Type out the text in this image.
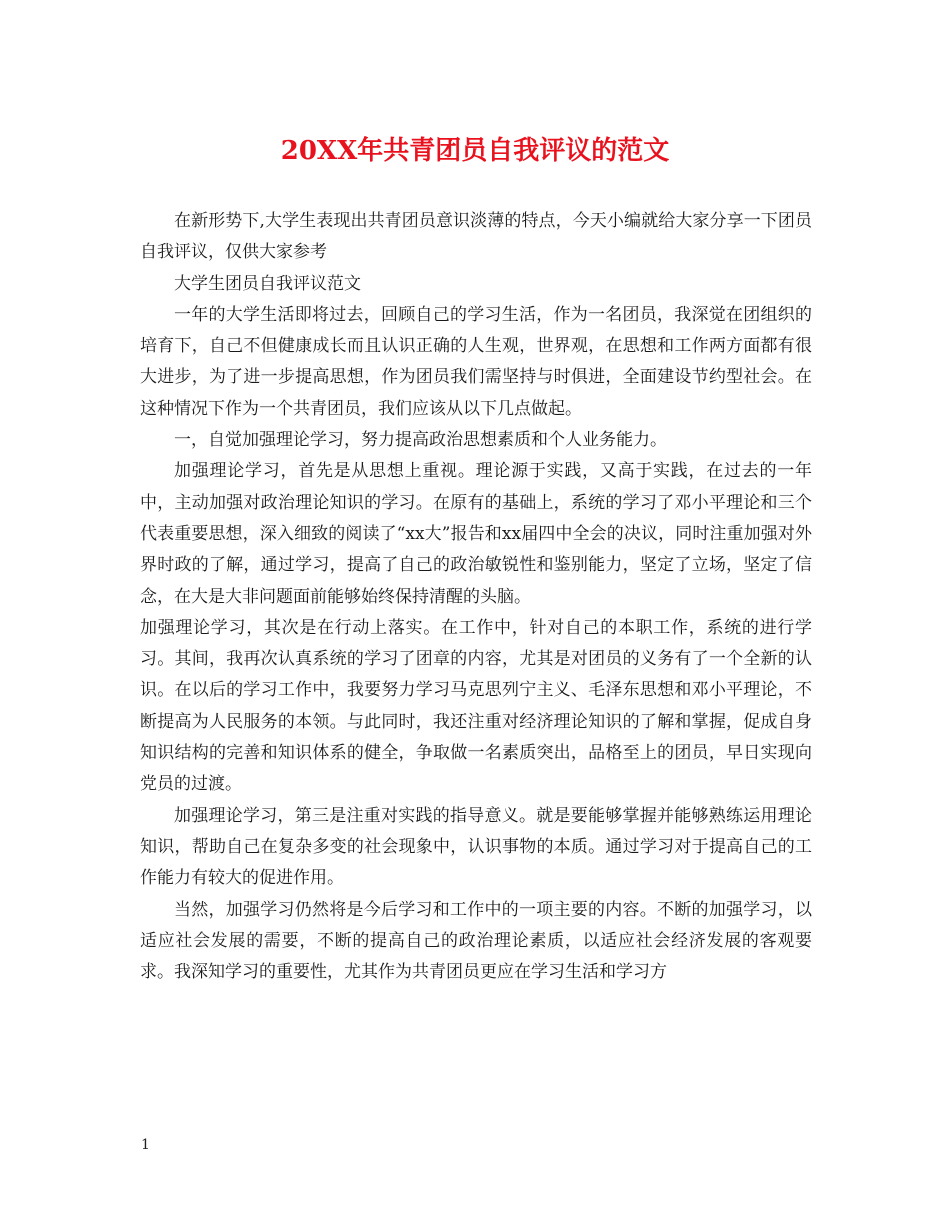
20XX年共青团员自我评议的范文

在新形势下,大学生表现出共青团员意识淡薄的特点，今天小编就给大家分享一下团员自我评议，仅供大家参考

大学生团员自我评议范文

一年的大学生活即将过去，回顾自己的学习生活，作为一名团员，我深觉在团组织的培育下，自己不但健康成长而且认识正确的人生观，世界观，在思想和工作两方面都有很大进步，为了进一步提高思想，作为团员我们需坚持与时俱进，全面建设节约型社会。在这种情况下作为一个共青团员，我们应该从以下几点做起。

一，自觉加强理论学习，努力提高政治思想素质和个人业务能力。

加强理论学习，首先是从思想上重视。理论源于实践，又高于实践，在过去的一年中，主动加强对政治理论知识的学习。在原有的基础上，系统的学习了邓小平理论和三个代表重要思想，深入细致的阅读了“xx大”报告和xx届四中全会的决议，同时注重加强对外界时政的了解，通过学习，提高了自己的政治敏锐性和鉴别能力，坚定了立场，坚定了信念，在大是大非问题面前能够始终保持清醒的头脑。

加强理论学习，其次是在行动上落实。在工作中，针对自己的本职工作，系统的进行学习。其间，我再次认真系统的学习了团章的内容，尤其是对团员的义务有了一个全新的认识。在以后的学习工作中，我要努力学习马克思列宁主义、毛泽东思想和邓小平理论，不断提高为人民服务的本领。与此同时，我还注重对经济理论知识的了解和掌握，促成自身知识结构的完善和知识体系的健全，争取做一名素质突出，品格至上的团员，早日实现向党员的过渡。

加强理论学习，第三是注重对实践的指导意义。就是要能够掌握并能够熟练运用理论知识，帮助自己在复杂多变的社会现象中，认识事物的本质。通过学习对于提高自己的工作能力有较大的促进作用。

当然，加强学习仍然将是今后学习和工作中的一项主要的内容。不断的加强学习，以适应社会发展的需要，不断的提高自己的政治理论素质，以适应社会经济发展的客观要求。我深知学习的重要性，尤其作为共青团员更应在学习生活和学习方

1
